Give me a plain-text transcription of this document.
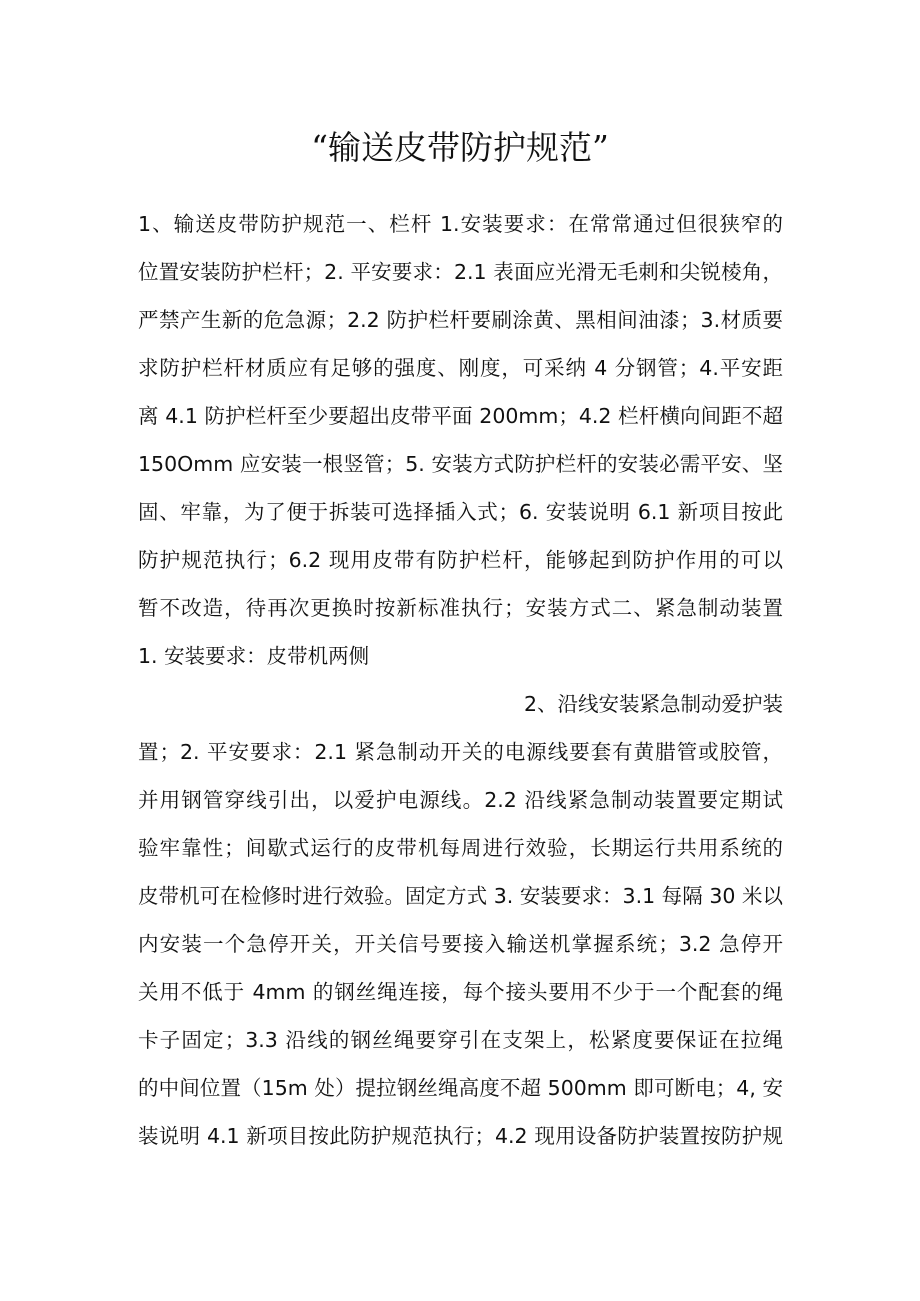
“输送皮带防护规范”
1、输送皮带防护规范一、栏杆 1.安装要求：在常常通过但很狭窄的
位置安装防护栏杆；2. 平安要求：2.1 表面应光滑无毛刺和尖锐棱角，
严禁产生新的危急源；2.2 防护栏杆要刷涂黄、黑相间油漆；3.材质要
求防护栏杆材质应有足够的强度、刚度，可采纳 4 分钢管；4.平安距
离 4.1 防护栏杆至少要超出皮带平面 200mm；4.2 栏杆横向间距不超
150Omm 应安装一根竖管；5. 安装方式防护栏杆的安装必需平安、坚
固、牢靠，为了便于拆装可选择插入式；6. 安装说明 6.1 新项目按此
防护规范执行；6.2 现用皮带有防护栏杆，能够起到防护作用的可以
暂不改造，待再次更换时按新标准执行；安装方式二、紧急制动装置
1. 安装要求：皮带机两侧
2、沿线安装紧急制动爱护装
置；2. 平安要求：2.1 紧急制动开关的电源线要套有黄腊管或胶管，
并用钢管穿线引出，以爱护电源线。2.2 沿线紧急制动装置要定期试
验牢靠性；间歇式运行的皮带机每周进行效验，长期运行共用系统的
皮带机可在检修时进行效验。固定方式 3. 安装要求：3.1 每隔 30 米以
内安装一个急停开关，开关信号要接入输送机掌握系统；3.2 急停开
关用不低于 4mm 的钢丝绳连接，每个接头要用不少于一个配套的绳
卡子固定；3.3 沿线的钢丝绳要穿引在支架上，松紧度要保证在拉绳
的中间位置（15m 处）提拉钢丝绳高度不超 500mm 即可断电；4, 安
装说明 4.1 新项目按此防护规范执行；4.2 现用设备防护装置按防护规
